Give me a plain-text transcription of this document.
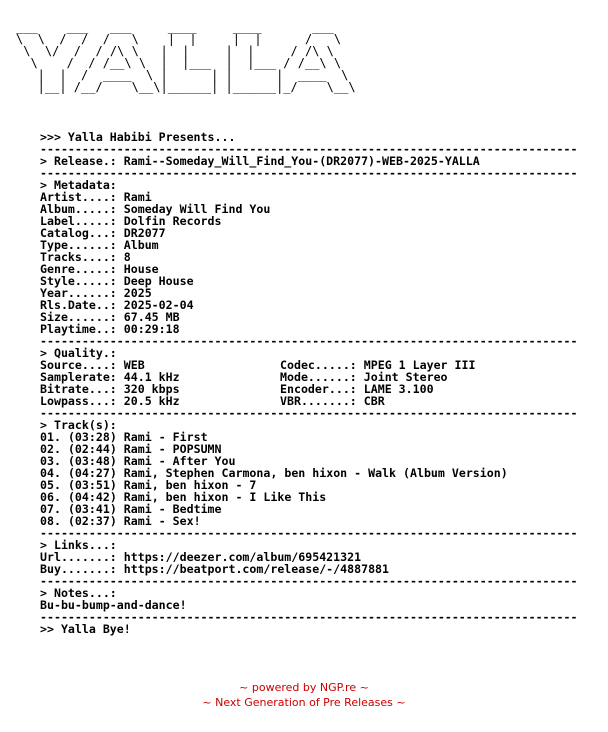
___    ___   ___     ____     ____       ___
\  \  /  /  /   \    |  |     |  |      /   \
\  \/  /  / /\ \   |  |     |  |     / /\ \
\    /  / /__\ \  |  |___  |  |___ / /__\ \
|  |  /  ____  \ |      | |      |  ____  \
|__| /__/    \__\|______| |______|_/    \__\
>>> Yalla Habibi Presents...
-----------------------------------------------------------------------------
> Release.: Rami--Someday_Will_Find_You-(DR2077)-WEB-2025-YALLA
-----------------------------------------------------------------------------
> Metadata:
Artist....: Rami
Album.....: Someday Will Find You
Label.....: Dolfin Records
Catalog...: DR2077
Type......: Album
Tracks....: 8
Genre.....: House
Style.....: Deep House
Year......: 2025
Rls.Date..: 2025-02-04
Size......: 67.45 MB
Playtime..: 00:29:18
-----------------------------------------------------------------------------
> Quality.:
Source....: WEB	Codec.....: MPEG 1 Layer III
Samplerate: 44.1 kHz	Mode......: Joint Stereo
Bitrate...: 320 kbps	Encoder...: LAME 3.100
Lowpass...: 20.5 kHz	VBR.......: CBR
-----------------------------------------------------------------------------
> Track(s):
01. (03:28) Rami - First
02. (02:44) Rami - POPSUMN
03. (03:48) Rami - After You
04. (04:27) Rami, Stephen Carmona, ben hixon - Walk (Album Version)
05. (03:51) Rami, ben hixon - 7
06. (04:42) Rami, ben hixon - I Like This
07. (03:41) Rami - Bedtime
08. (02:37) Rami - Sex!
-----------------------------------------------------------------------------
> Links...:
Url.......: https://deezer.com/album/695421321
Buy.......: https://beatport.com/release/-/4887881
-----------------------------------------------------------------------------
> Notes...:
Bu-bu-bump-and-dance!
-----------------------------------------------------------------------------
>> Yalla Bye!
~ powered by NGP.re ~
~ Next Generation of Pre Releases ~
